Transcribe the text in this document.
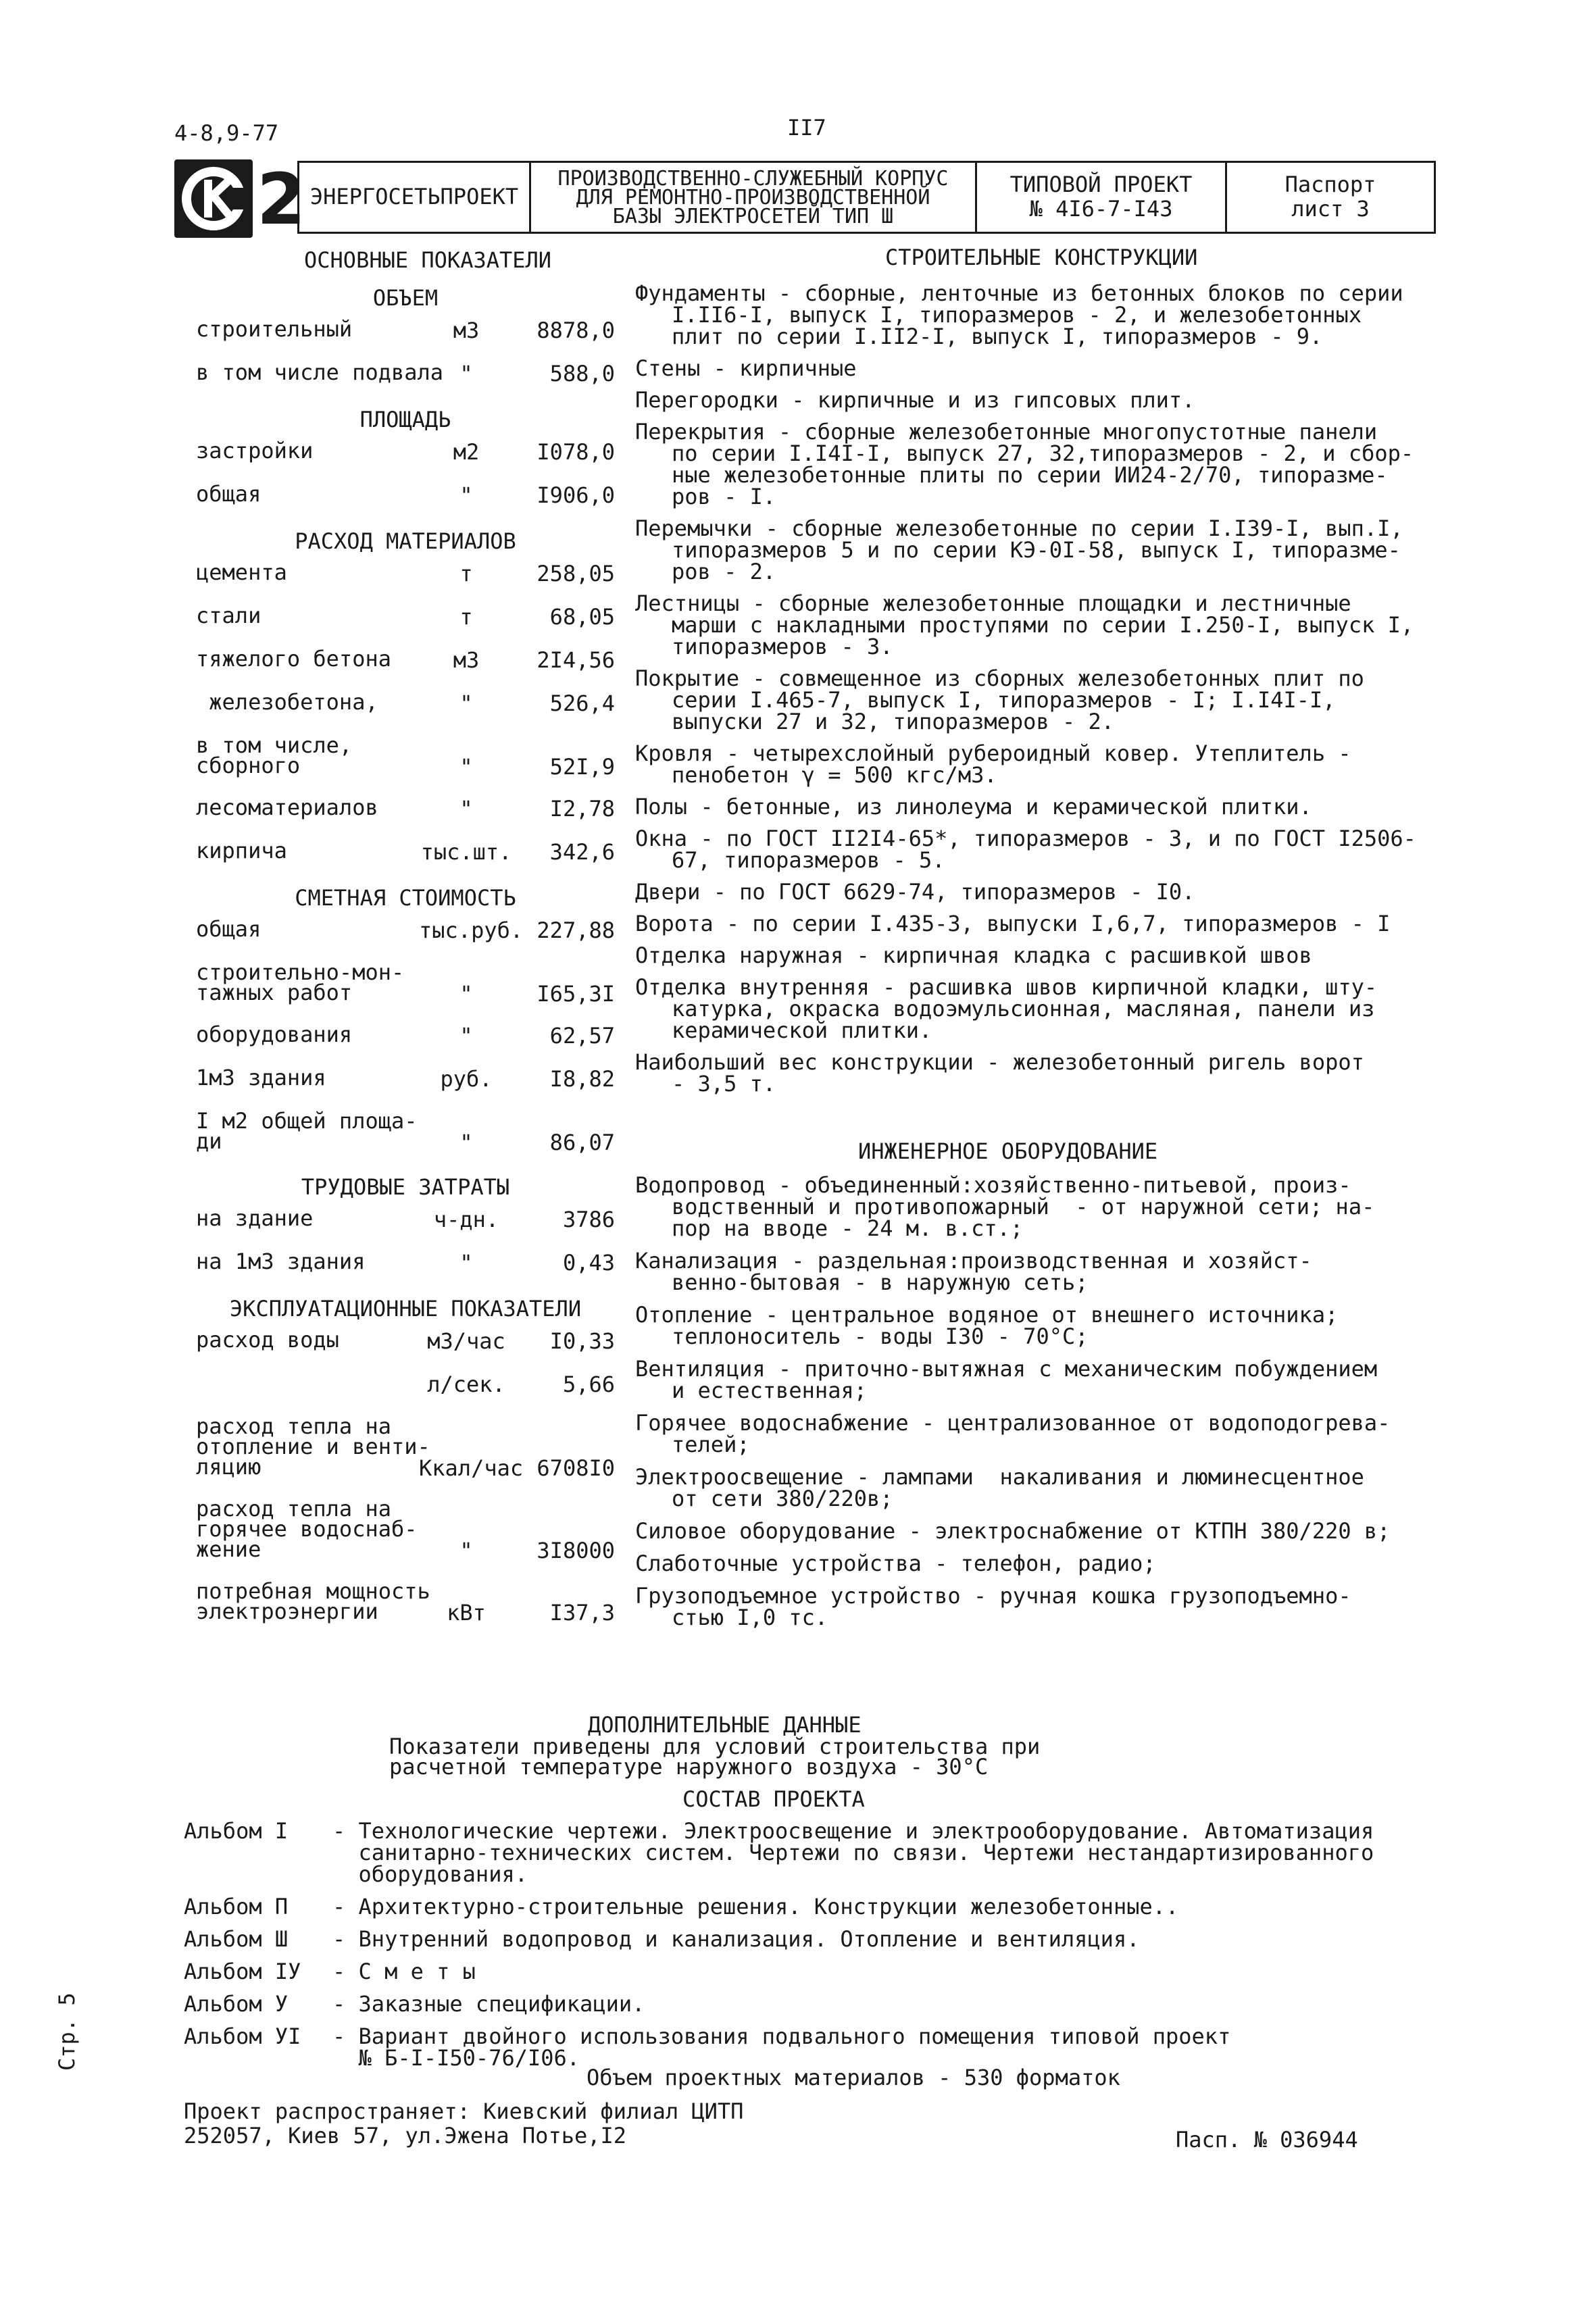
4-8,9-77	II7
2 ЭНЕРГОСЕТЬПРОЕКТ
ПРОИЗВОДСТВЕННО-СЛУЖЕБНЫЙ КОРПУС
ДЛЯ РЕМОНТНО-ПРОИЗВОДСТВЕННОЙ
БАЗЫ ЭЛЕКТРОСЕТЕЙ ТИП Ш
ТИПОВОЙ ПРОЕКТ
№ 4I6-7-I43
Паспорт
лист 3
ОСНОВНЫЕ ПОКАЗАТЕЛИ
ОБЪЕМ
строительный	м3	8878,0
в том числе подвала "	588,0
ПЛОЩАДЬ
застройки	м2	I078,0
общая	"	I906,0
РАСХОД МАТЕРИАЛОВ
цемента	т	258,05
стали	т	68,05
тяжелого бетона	м3	2I4,56
железобетона,	"	526,4
в том числе,
сборного	"	52I,9
лесоматериалов	"	I2,78
кирпича	тыс.шт.	342,6
СМЕТНАЯ СТОИМОСТЬ
общая	тыс.руб. 227,88
строительно-мон-
тажных работ	"	I65,3I
оборудования	"	62,57
1м3 здания	руб.	I8,82
I м2 общей площа-
ди	"	86,07
ТРУДОВЫЕ ЗАТРАТЫ
на здание	ч-дн.	3786
на 1м3 здания	"	0,43
ЭКСПЛУАТАЦИОННЫЕ ПОКАЗАТЕЛИ
расход воды	м3/час	I0,33
л/сек.	5,66
расход тепла на
отопление и венти-
ляцию	Ккал/час 6708I0
расход тепла на
горячее водоснаб-
жение	"	3I8000
потребная мощность
электроэнергии	кВт	I37,3
СТРОИТЕЛЬНЫЕ КОНСТРУКЦИИ
Фундаменты - сборные, ленточные из бетонных блоков по серии
I.II6-I, выпуск I, типоразмеров - 2, и железобетонных
плит по серии I.II2-I, выпуск I, типоразмеров - 9.
Стены - кирпичные
Перегородки - кирпичные и из гипсовых плит.
Перекрытия - сборные железобетонные многопустотные панели
по серии I.I4I-I, выпуск 27, 32,типоразмеров - 2, и сбор-
ные железобетонные плиты по серии ИИ24-2/70, типоразме-
ров - I.
Перемычки - сборные железобетонные по серии I.I39-I, вып.I,
типоразмеров 5 и по серии КЭ-0I-58, выпуск I, типоразме-
ров - 2.
Лестницы - сборные железобетонные площадки и лестничные
марши с накладными проступями по серии I.250-I, выпуск I,
типоразмеров - 3.
Покрытие - совмещенное из сборных железобетонных плит по
серии I.465-7, выпуск I, типоразмеров - I; I.I4I-I,
выпуски 27 и 32, типоразмеров - 2.
Кровля - четырехслойный рубероидный ковер. Утеплитель -
пенобетон γ = 500 кгс/м3.
Полы - бетонные, из линолеума и керамической плитки.
Окна - по ГОСТ II2I4-65*, типоразмеров - 3, и по ГОСТ I2506-
67, типоразмеров - 5.
Двери - по ГОСТ 6629-74, типоразмеров - I0.
Ворота - по серии I.435-3, выпуски I,6,7, типоразмеров - I
Отделка наружная - кирпичная кладка с расшивкой швов
Отделка внутренняя - расшивка швов кирпичной кладки, шту-
катурка, окраска водоэмульсионная, масляная, панели из
керамической плитки.
Наибольший вес конструкции - железобетонный ригель ворот
- 3,5 т.
ИНЖЕНЕРНОЕ ОБОРУДОВАНИЕ
Водопровод - объединенный:хозяйственно-питьевой, произ-
водственный и противопожарный  - от наружной сети; на-
пор на вводе - 24 м. в.ст.;
Канализация - раздельная:производственная и хозяйст-
венно-бытовая - в наружную сеть;
Отопление - центральное водяное от внешнего источника;
теплоноситель - воды I30 - 70°С;
Вентиляция - приточно-вытяжная с механическим побуждением
и естественная;
Горячее водоснабжение - централизованное от водоподогрева-
телей;
Электроосвещение - лампами  накаливания и люминесцентное
от сети 380/220в;
Силовое оборудование - электроснабжение от КТПН 380/220 в;
Слаботочные устройства - телефон, радио;
Грузоподъемное устройство - ручная кошка грузоподъемно-
стью I,0 тс.
ДОПОЛНИТЕЛЬНЫЕ ДАННЫЕ
Показатели приведены для условий строительства при
расчетной температуре наружного воздуха - 30°С
СОСТАВ ПРОЕКТА
Альбом I - Технологические чертежи. Электроосвещение и электрооборудование. Автоматизация
санитарно-технических систем. Чертежи по связи. Чертежи нестандартизированного
оборудования.
Альбом П - Архитектурно-строительные решения. Конструкции железобетонные..
Альбом Ш - Внутренний водопровод и канализация. Отопление и вентиляция.
Альбом IУ - С м е т ы
Альбом У - Заказные спецификации.
Альбом УI - Вариант двойного использования подвального помещения типовой проект
№ Б-I-I50-76/I06.
Объем проектных материалов - 530 форматок
Проект распространяет: Киевский филиал ЦИТП
252057, Киев 57, ул.Эжена Потье,I2	Пасп. № 036944
Стр. 5
